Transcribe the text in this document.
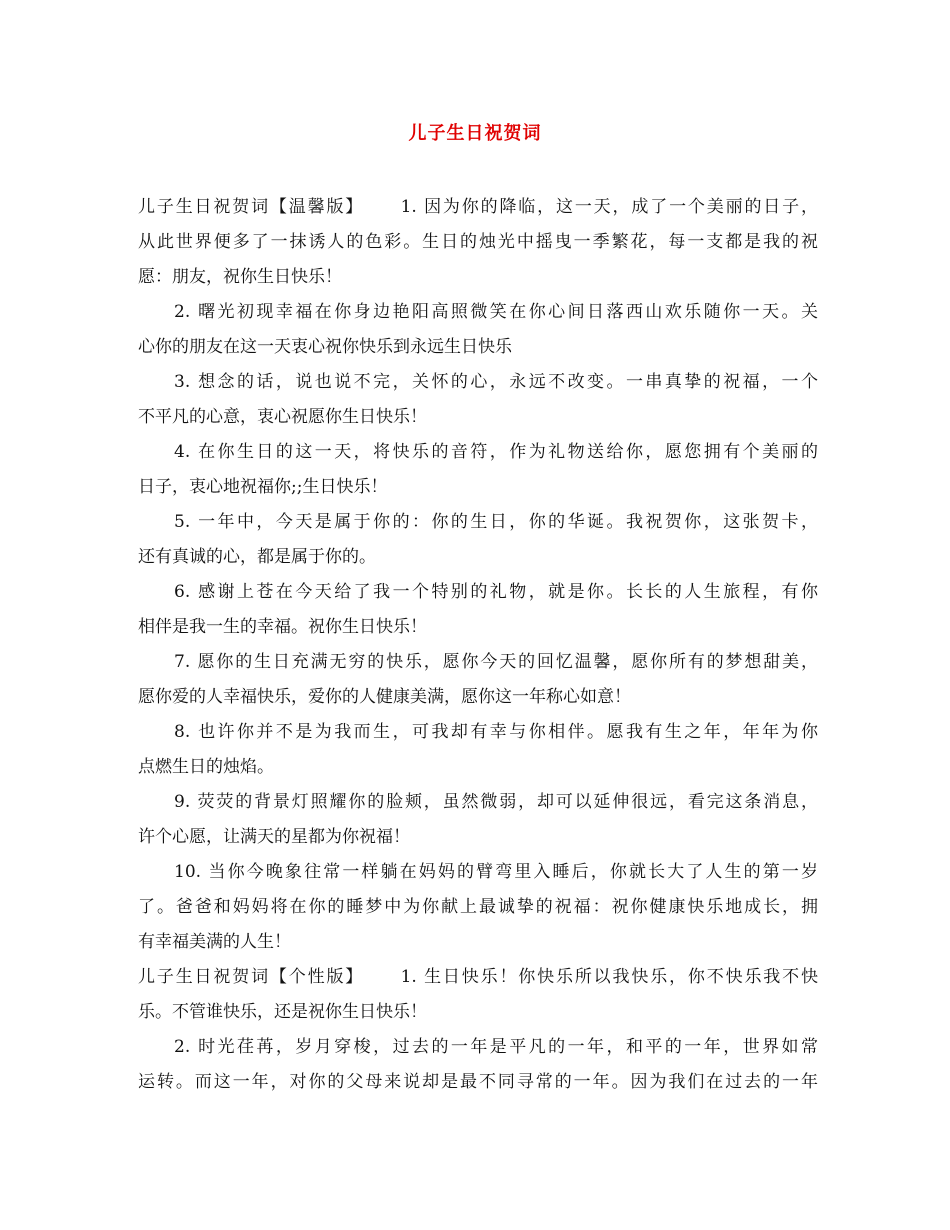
儿子生日祝贺词
儿子生日祝贺词【温馨版】　　 1. 因为你的降临，这一天，成了一个美丽的日子，
从此世界便多了一抹诱人的色彩。生日的烛光中摇曳一季繁花，每一支都是我的祝
愿：朋友，祝你生日快乐！
2. 曙光初现幸福在你身边艳阳高照微笑在你心间日落西山欢乐随你一天。关
心你的朋友在这一天衷心祝你快乐到永远生日快乐
3. 想念的话，说也说不完，关怀的心，永远不改变。一串真挚的祝福，一个
不平凡的心意，衷心祝愿你生日快乐！
4. 在你生日的这一天，将快乐的音符，作为礼物送给你，愿您拥有个美丽的
日子，衷心地祝福你;;生日快乐！
5. 一年中，今天是属于你的：你的生日，你的华诞。我祝贺你，这张贺卡，
还有真诚的心，都是属于你的。
6. 感谢上苍在今天给了我一个特别的礼物，就是你。长长的人生旅程，有你
相伴是我一生的幸福。祝你生日快乐！
7. 愿你的生日充满无穷的快乐，愿你今天的回忆温馨，愿你所有的梦想甜美，
愿你爱的人幸福快乐，爱你的人健康美满，愿你这一年称心如意！
8. 也许你并不是为我而生，可我却有幸与你相伴。愿我有生之年，年年为你
点燃生日的烛焰。
9. 荧荧的背景灯照耀你的脸颊，虽然微弱，却可以延伸很远，看完这条消息，
许个心愿，让满天的星都为你祝福！
10. 当你今晚象往常一样躺在妈妈的臂弯里入睡后，你就长大了人生的第一岁
了。爸爸和妈妈将在你的睡梦中为你献上最诚挚的祝福：祝你健康快乐地成长，拥
有幸福美满的人生！
儿子生日祝贺词【个性版】　　 1. 生日快乐！你快乐所以我快乐，你不快乐我不快
乐。不管谁快乐，还是祝你生日快乐！
2. 时光荏苒，岁月穿梭，过去的一年是平凡的一年，和平的一年，世界如常
运转。而这一年，对你的父母来说却是最不同寻常的一年。因为我们在过去的一年
